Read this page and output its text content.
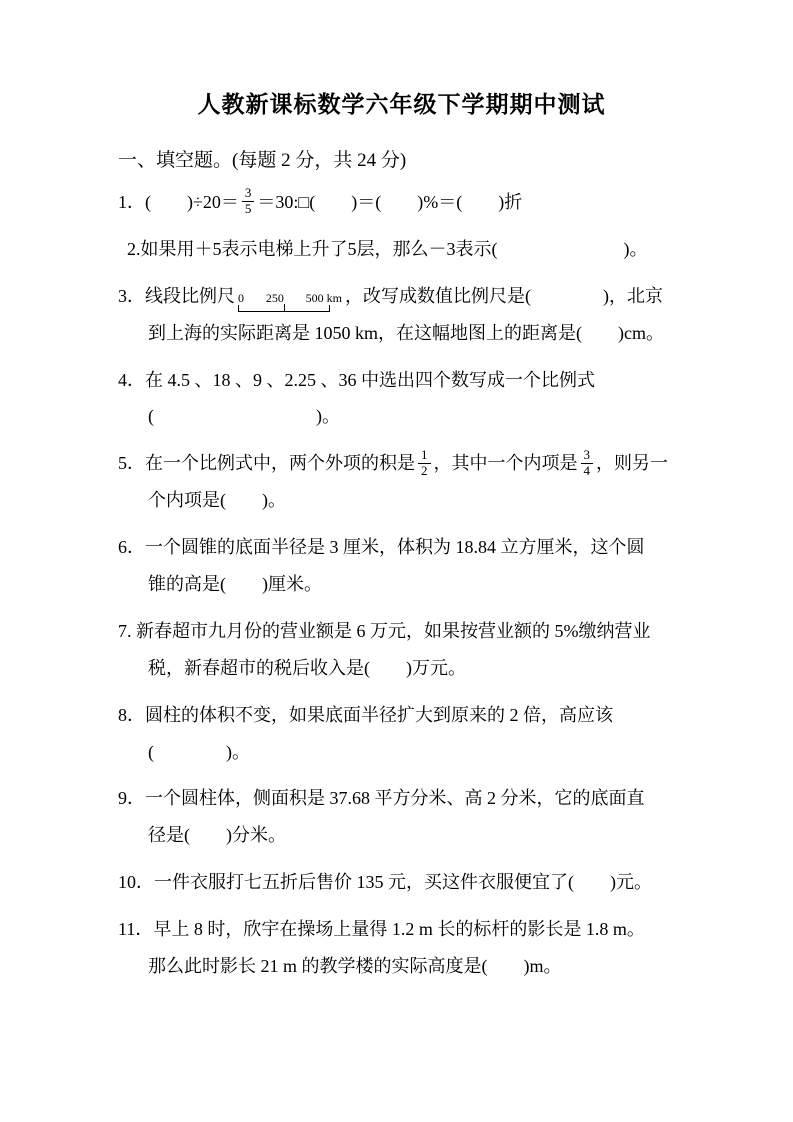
人教新课标数学六年级下学期期中测试
一、填空题。(每题 2 分，共 24 分)
1．(　　)$\div 20= \frac{3}{5}$ ＝30:□(　　)＝(　　)%＝(　　)折
2.如果用＋5表示电梯上升了5层，那么－3表示(　　　　　　　)。
3．线段比例尺 0 250 500 km ，改写成数值比例尺是(　　　　)，北京
到上海的实际距离是 1050 km，在这幅地图上的距离是(　　)cm。
4．在 4.5 、18 、9 、2.25 、36 中选出四个数写成一个比例式
(　　　　　　　　　)。
5．在一个比例式中，两个外项的积是 $\frac{1}{2}$ ，其中一个内项是 $\frac{3}{4}$ ，则另一
个内项是(　　)。
6．一个圆锥的底面半径是 3 厘米，体积为 18.84 立方厘米，这个圆
锥的高是(　　)厘米。
7. 新春超市九月份的营业额是 6 万元，如果按营业额的 5%缴纳营业
税，新春超市的税后收入是(　　)万元。
8．圆柱的体积不变，如果底面半径扩大到原来的 2 倍，高应该
(　　　　)。
9．一个圆柱体，侧面积是 37.68 平方分米、高 2 分米，它的底面直
径是(　　)分米。
10．一件衣服打七五折后售价 135 元，买这件衣服便宜了(　　)元。
11．早上 8 时，欣宇在操场上量得 1.2 m 长的标杆的影长是 1.8 m。
那么此时影长 21 m 的教学楼的实际高度是(　　)m。
